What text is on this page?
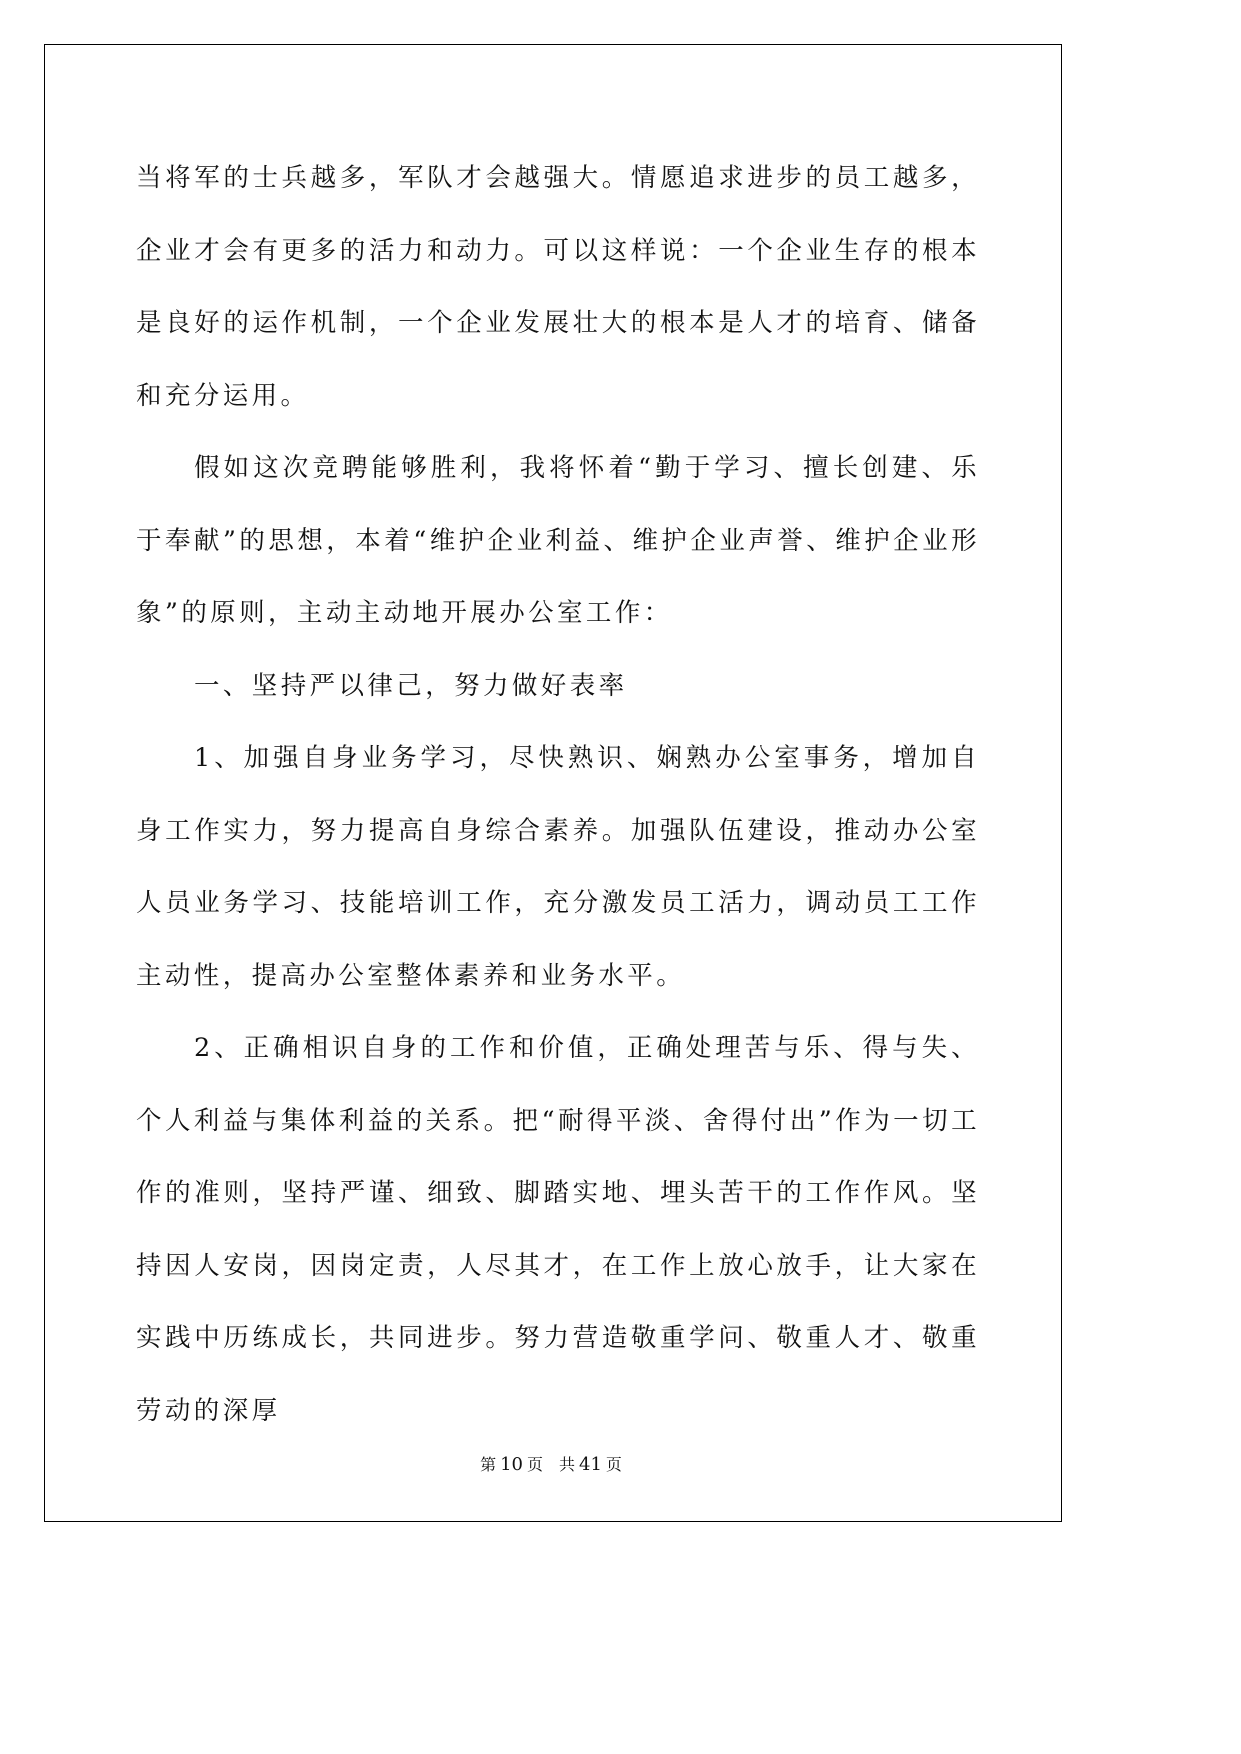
当将军的士兵越多，军队才会越强大。情愿追求进步的员工越多，企业才会有更多的活力和动力。可以这样说：一个企业生存的根本是良好的运作机制，一个企业发展壮大的根本是人才的培育、储备和充分运用。

假如这次竞聘能够胜利，我将怀着“勤于学习、擅长创建、乐于奉献”的思想，本着“维护企业利益、维护企业声誉、维护企业形象”的原则，主动主动地开展办公室工作：

一、坚持严以律己，努力做好表率

1、加强自身业务学习，尽快熟识、娴熟办公室事务，增加自身工作实力，努力提高自身综合素养。加强队伍建设，推动办公室人员业务学习、技能培训工作，充分激发员工活力，调动员工工作主动性，提高办公室整体素养和业务水平。

2、正确相识自身的工作和价值，正确处理苦与乐、得与失、个人利益与集体利益的关系。把“耐得平淡、舍得付出”作为一切工作的准则，坚持严谨、细致、脚踏实地、埋头苦干的工作作风。坚持因人安岗，因岗定责，人尽其才，在工作上放心放手，让大家在实践中历练成长，共同进步。努力营造敬重学问、敬重人才、敬重劳动的深厚

第 10 页 共 41 页
